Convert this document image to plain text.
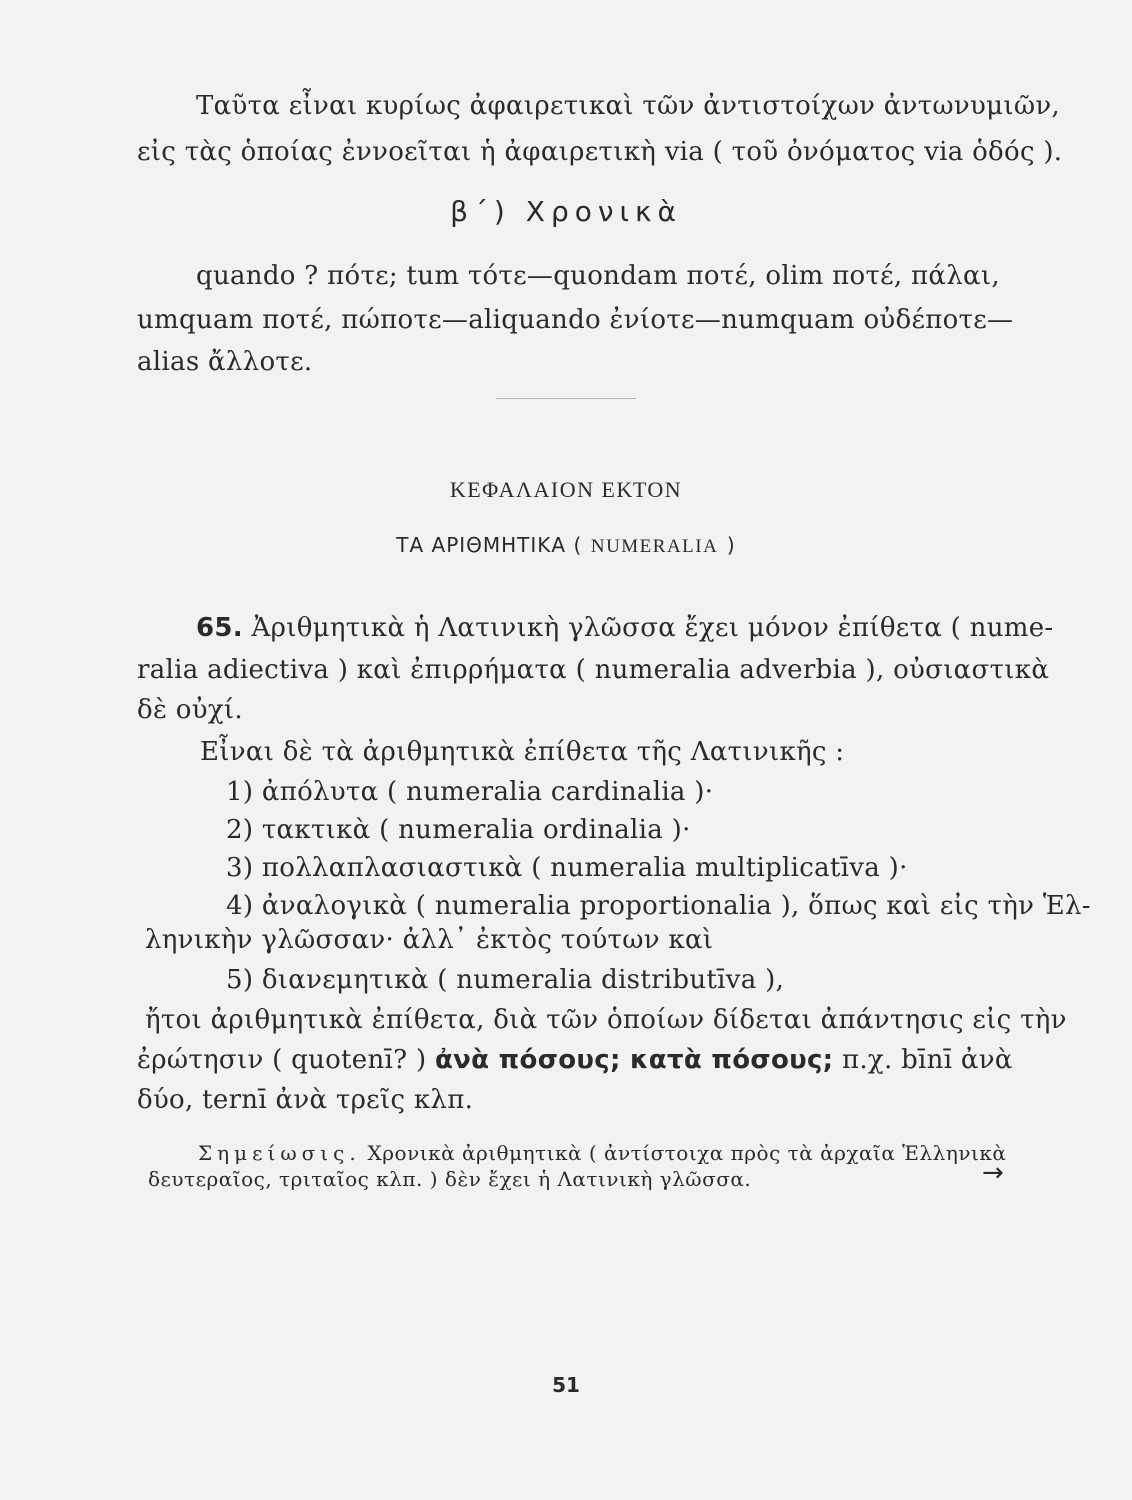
Ταῦτα εἶναι κυρίως ἀφαιρετικαὶ τῶν ἀντιστοίχων ἀντωνυμιῶν,
εἰς τὰς ὁποίας ἐννοεῖται ἡ ἀφαιρετικὴ via ( τοῦ ὀνόματος via ὁδός ).
β΄) Χρονικὰ
quando ? πότε; tum τότε—quondam ποτέ, olim ποτέ, πάλαι,
umquam ποτέ, πώποτε—aliquando ἐνίοτε—numquam οὐδέποτε—
alias ἄλλοτε.
ΚΕΦΑΛΑΙΟΝ ΕΚΤΟΝ
ΤΑ ΑΡΙΘΜΗΤΙΚΑ ( NUMERALIA )
65. Ἀριθμητικὰ ἡ Λατινικὴ γλῶσσα ἔχει μόνον ἐπίθετα ( nume-
ralia adiectiva ) καὶ ἐπιρρήματα ( numeralia adverbia ), οὐσιαστικὰ
δὲ οὐχί.
Εἶναι δὲ τὰ ἀριθμητικὰ ἐπίθετα τῆς Λατινικῆς :
1) ἀπόλυτα ( numeralia cardinalia )·
2) τακτικὰ ( numeralia ordinalia )·
3) πολλαπλασιαστικὰ ( numeralia multiplicatīva )·
4) ἀναλογικὰ ( numeralia proportionalia ), ὅπως καὶ εἰς τὴν Ἑλ-
ληνικὴν γλῶσσαν· ἀλλ᾽ ἐκτὸς τούτων καὶ
5) διανεμητικὰ ( numeralia distributīva ),
ἤτοι ἀριθμητικὰ ἐπίθετα, διὰ τῶν ὁποίων δίδεται ἀπάντησις εἰς τὴν
ἐρώτησιν ( quotenī? ) ἀνὰ πόσους; κατὰ πόσους; π.χ. bīnī ἀνὰ
δύο, ternī ἀνὰ τρεῖς κλπ.
Σημείωσις. Χρονικὰ ἀριθμητικὰ ( ἀντίστοιχα πρὸς τὰ ἀρχαῖα Ἑλληνικὰ
δευτεραῖος, τριταῖος κλπ. ) δὲν ἔχει ἡ Λατινικὴ γλῶσσα.	→
51
